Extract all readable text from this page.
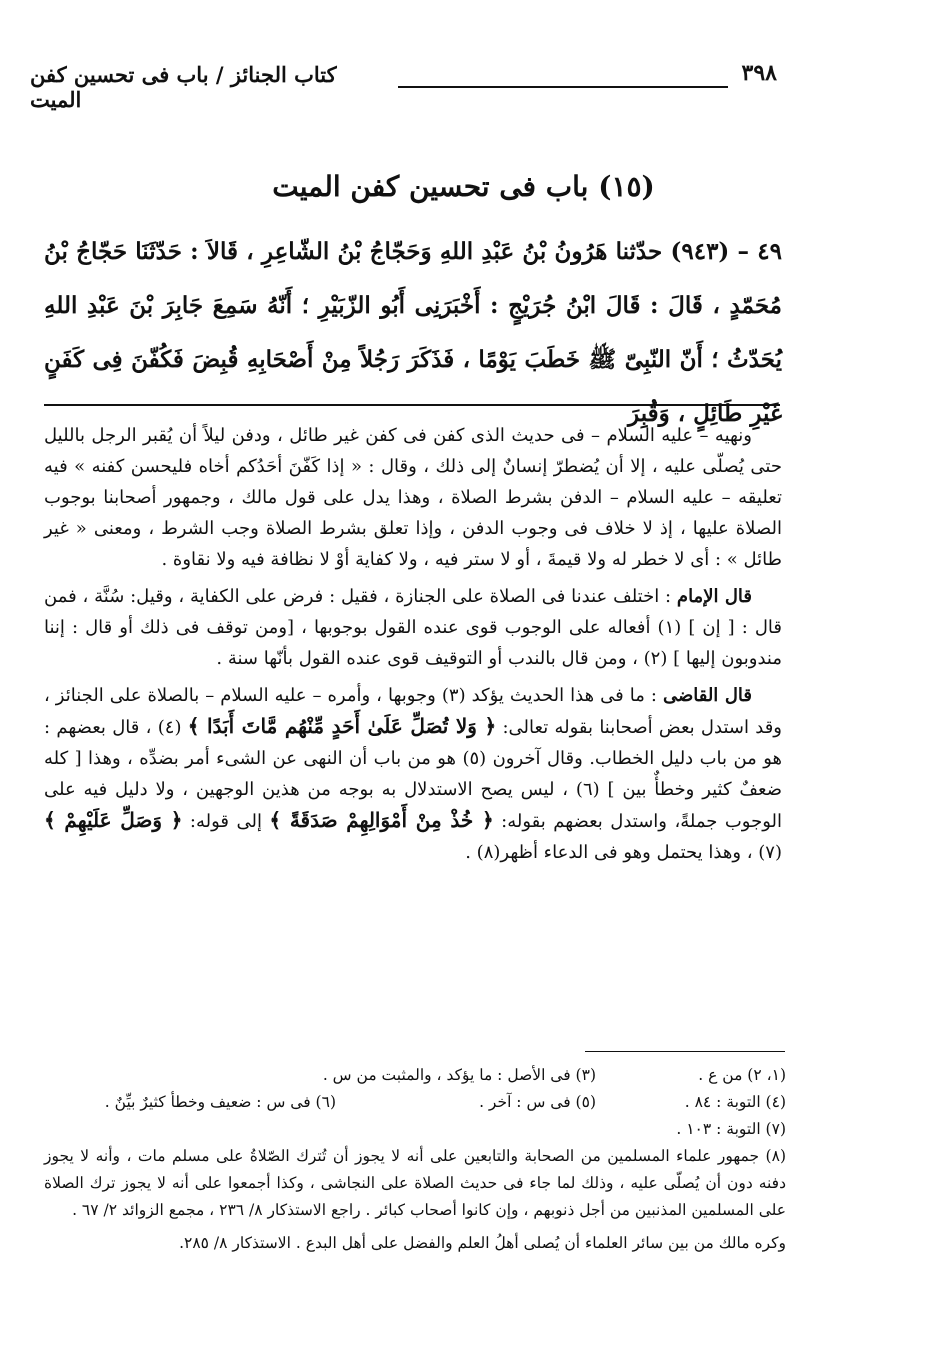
كتاب الجنائز / باب فى تحسين كفن الميت
٣٩٨
(١٥) باب فى تحسين كفن الميت
٤٩ – (٩٤٣) حدّثنا هَرُونُ بْنُ عَبْدِ اللهِ وَحَجّاجُ بْنُ الشّاعِرِ ، قَالاَ : حَدّثَنَا حَجّاجُ بْنُ مُحَمّدٍ ، قَالَ : قَالَ ابْنُ جُرَيْجٍ : أَخْبَرَنِى أَبُو الزّبَيْرِ ؛ أَنّهُ سَمِعَ جَابِرَ بْنَ عَبْدِ اللهِ يُحَدّثُ ؛ أَنّ النّبِىّ ﷺ خَطَبَ يَوْمًا ، فَذَكَرَ رَجُلاً مِنْ أَصْحَابِهِ قُبِضَ فَكُفّنَ فِى كَفَنٍ غَيْرِ طَائِلٍ ، وَقُبِرَ

ونهيه – عليه السلام – فى حديث الذى كفن فى كفن غير طائل ، ودفن ليلاً أن يُقبر الرجل بالليل حتى يُصلّى عليه ، إلا أن يُضطرّ إنسانٌ إلى ذلك ، وقال : « إذا كَفّنَ أحَدُكم أخاه فليحسن كفنه » فيه تعليقه – عليه السلام – الدفن بشرط الصلاة ، وهذا يدل على قول مالك ، وجمهور أصحابنا بوجوب الصلاة عليها ، إذ لا خلاف فى وجوب الدفن ، وإذا تعلق بشرط الصلاة وجب الشرط ، ومعنى « غير طائل » : أى لا خطر له ولا قيمةَ ، أو لا ستر فيه ، ولا كفاية أوْ لا نظافة فيه ولا نقاوة .

قال الإمام : اختلف عندنا فى الصلاة على الجنازة ، فقيل : فرض على الكفاية ، وقيل: سُنَّة ، فمن قال : [ إن ] (١) أفعاله على الوجوب قوى عنده القول بوجوبها ، [ومن توقف فى ذلك أو قال : إننا مندوبون إليها ] (٢) ، ومن قال بالندب أو التوقيف قوى عنده القول بأنّها سنة .

قال القاضى : ما فى هذا الحديث يؤكد (٣) وجوبها ، وأمره – عليه السلام – بالصلاة على الجنائز ، وقد استدل بعض أصحابنا بقوله تعالى: ﴿ وَلا تُصَلِّ عَلَىٰ أَحَدٍ مِّنْهُم مَّاتَ أَبَدًا ﴾ (٤) ، قال بعضهم : هو من باب دليل الخطاب. وقال آخرون (٥) هو من باب أن النهى عن الشىء أمر بضدِّه ، وهذا [ كله ضعفٌ كثير وخطأٌ بين ] (٦) ، ليس يصح الاستدلال به بوجه من هذين الوجهين ، ولا دليل فيه على الوجوب جملةً، واستدل بعضهم بقوله: ﴿ خُذْ مِنْ أَمْوَالِهِمْ صَدَقَةً ﴾ إلى قوله: ﴿ وَصَلِّ عَلَيْهِمْ ﴾ (٧) ، وهذا يحتمل وهو فى الدعاء أظهر(٨) .

(١، ٢) من ع .
(٣) فى الأصل : ما يؤكد ، والمثبت من س .
(٤) التوبة : ٨٤ .
(٥) فى س : آخر .
(٦) فى س : ضعيف وخطأ كثيرٌ بيِّنٌ .
(٧) التوبة : ١٠٣ .
(٨) جمهور علماء المسلمين من الصحابة والتابعين على أنه لا يجوز أن تُترك الصّلاةُ على مسلم مات ، وأنه لا يجوز دفنه دون أن يُصلّى عليه ، وذلك لما جاء فى حديث الصلاة على النجاشى ، وكذا أجمعوا على أنه لا يجوز ترك الصلاة على المسلمين المذنبين من أجل ذنوبهم ، وإن كانوا أصحاب كبائر . راجع الاستذكار ٨/ ٢٣٦ ، مجمع الزوائد ٢/ ٦٧ .
وكره مالك من بين سائر العلماء أن يُصلى أهلُ العلم والفضل على أهل البدع . الاستذكار ٨/ ٢٨٥.
